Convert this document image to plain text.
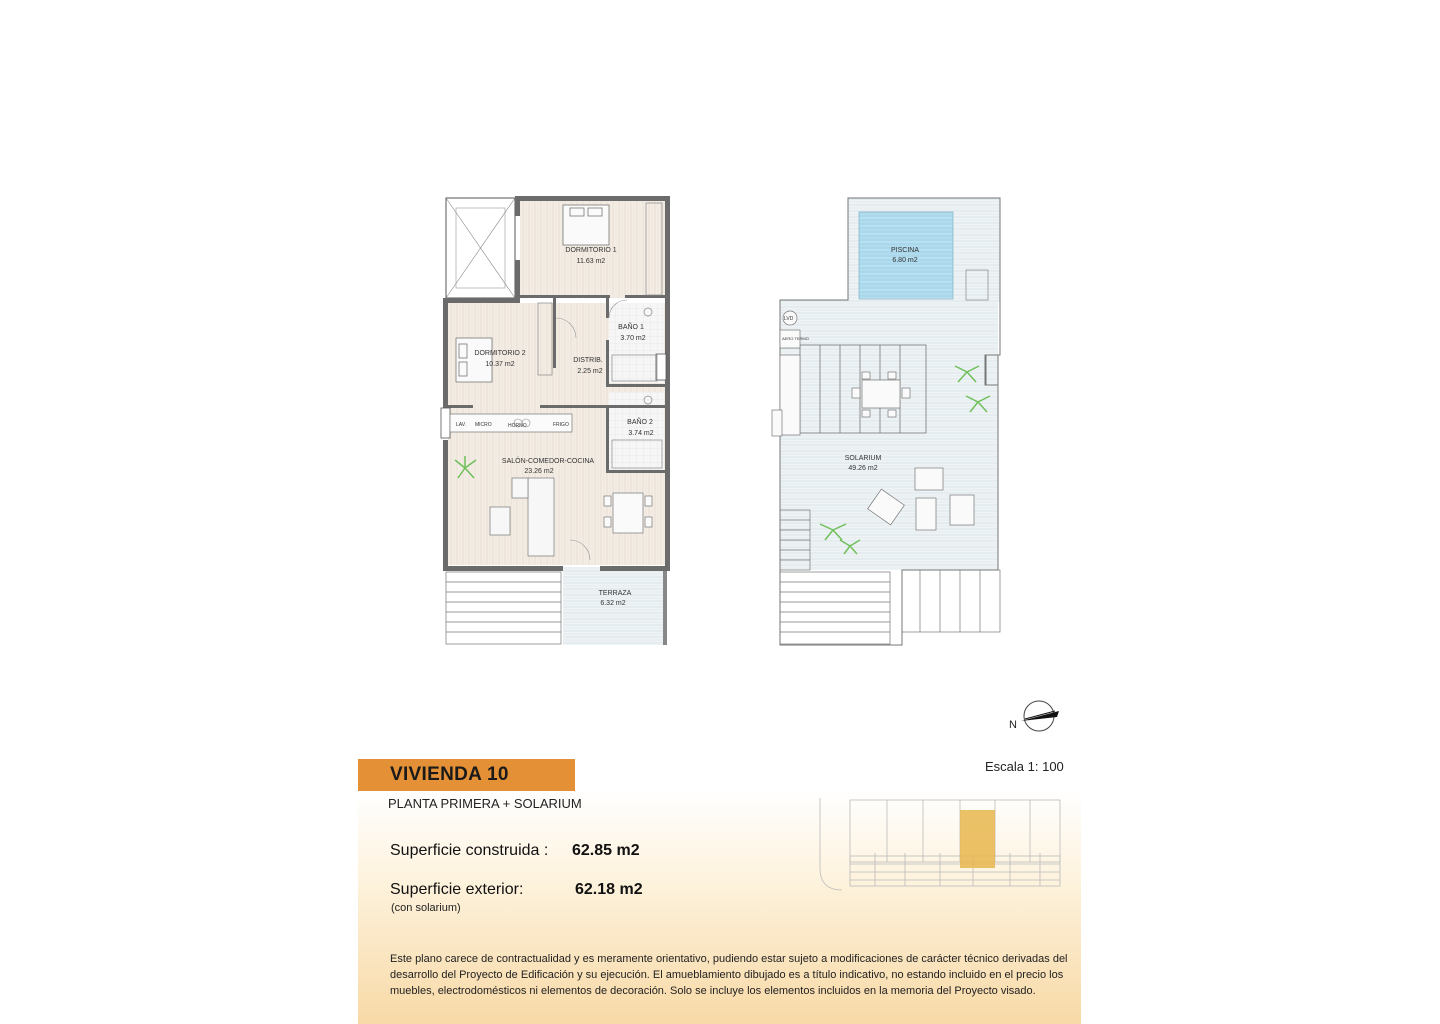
DORMITORIO 1
11.63 m2
DORMITORIO 2
10.37 m2
BAÑO 1
3.70 m2
DISTRIB.
2.25 m2
BAÑO 2
3.74 m2
SALÓN-COMEDOR-COCINA
23.26 m2
TERRAZA
6.32 m2
LAV. MICRO	HORNO	FRIGO
LVD
AERO TERMO
PISCINA
6.80 m2
SOLARIUM
49.26 m2
N
Escala 1: 100
VIVIENDA 10
PLANTA PRIMERA + SOLARIUM
Superficie construida : 62.85 m2
Superficie exterior:	62.18 m2
(con solarium)
Este plano carece de contractualidad y es meramente orientativo, pudiendo estar sujeto a modificaciones de carácter técnico derivadas del desarrollo del Proyecto de Edificación y su ejecución. El amueblamiento dibujado es a título indicativo, no estando incluido en el precio los muebles, electrodomésticos ni elementos de decoración. Solo se incluye los elementos incluidos en la memoria del Proyecto visado.
